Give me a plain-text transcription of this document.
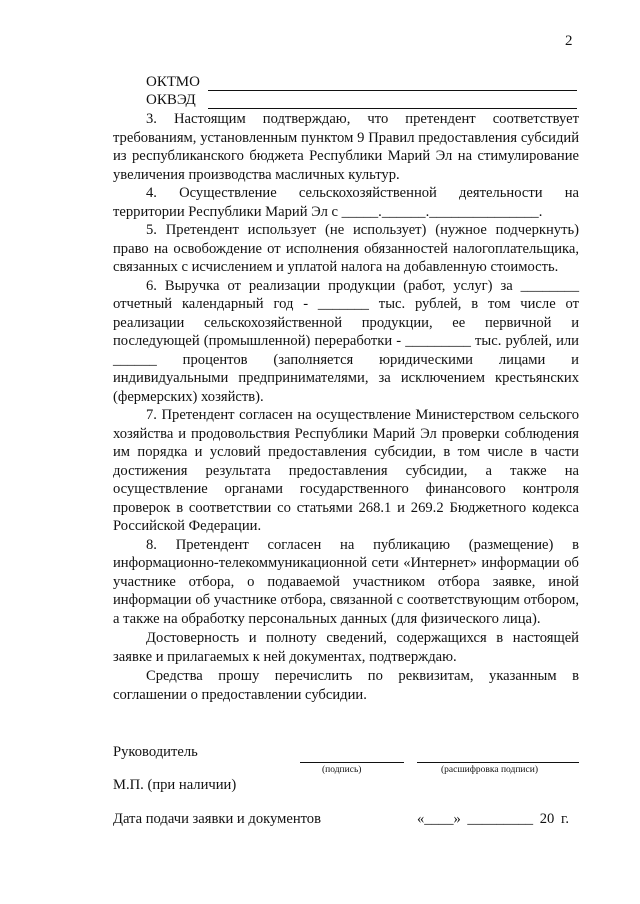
2
ОКТМО
ОКВЭД

3. Настоящим подтверждаю, что претендент соответствует требованиям, установленным пунктом 9 Правил предоставления субсидий из республиканского бюджета Республики Марий Эл на стимулирование увеличения производства масличных культур.

4. Осуществление сельскохозяйственной деятельности на территории Республики Марий Эл с _____.______._______________.

5. Претендент использует (не использует) (нужное подчеркнуть) право на освобождение от исполнения обязанностей налогоплательщика, связанных с исчислением и уплатой налога на добавленную стоимость.

6. Выручка от реализации продукции (работ, услуг) за ________ отчетный календарный год - _______ тыс. рублей, в том числе от реализации сельскохозяйственной продукции, ее первичной и последующей (промышленной) переработки - _________ тыс. рублей, или ______ процентов (заполняется юридическими лицами и индивидуальными предпринимателями, за исключением крестьянских (фермерских) хозяйств).

7. Претендент согласен на осуществление Министерством сельского хозяйства и продовольствия Республики Марий Эл проверки соблюдения им порядка и условий предоставления субсидии, в том числе в части достижения результата предоставления субсидии, а также на осуществление органами государственного финансового контроля проверок в соответствии со статьями 268.1 и 269.2 Бюджетного кодекса Российской Федерации.

8. Претендент согласен на публикацию (размещение) в информационно-телекоммуникационной сети «Интернет» информации об участнике отбора, о подаваемой участником отбора заявке, иной информации об участнике отбора, связанной с соответствующим отбором, а также на обработку персональных данных (для физического лица).

Достоверность и полноту сведений, содержащихся в настоящей заявке и прилагаемых к ней документах, подтверждаю.

Средства прошу перечислить по реквизитам, указанным в соглашении о предоставлении субсидии.

Руководитель
(подпись)	(расшифровка подписи)
М.П. (при наличии)
Дата подачи заявки и документов	«____» _________ 20 г.
